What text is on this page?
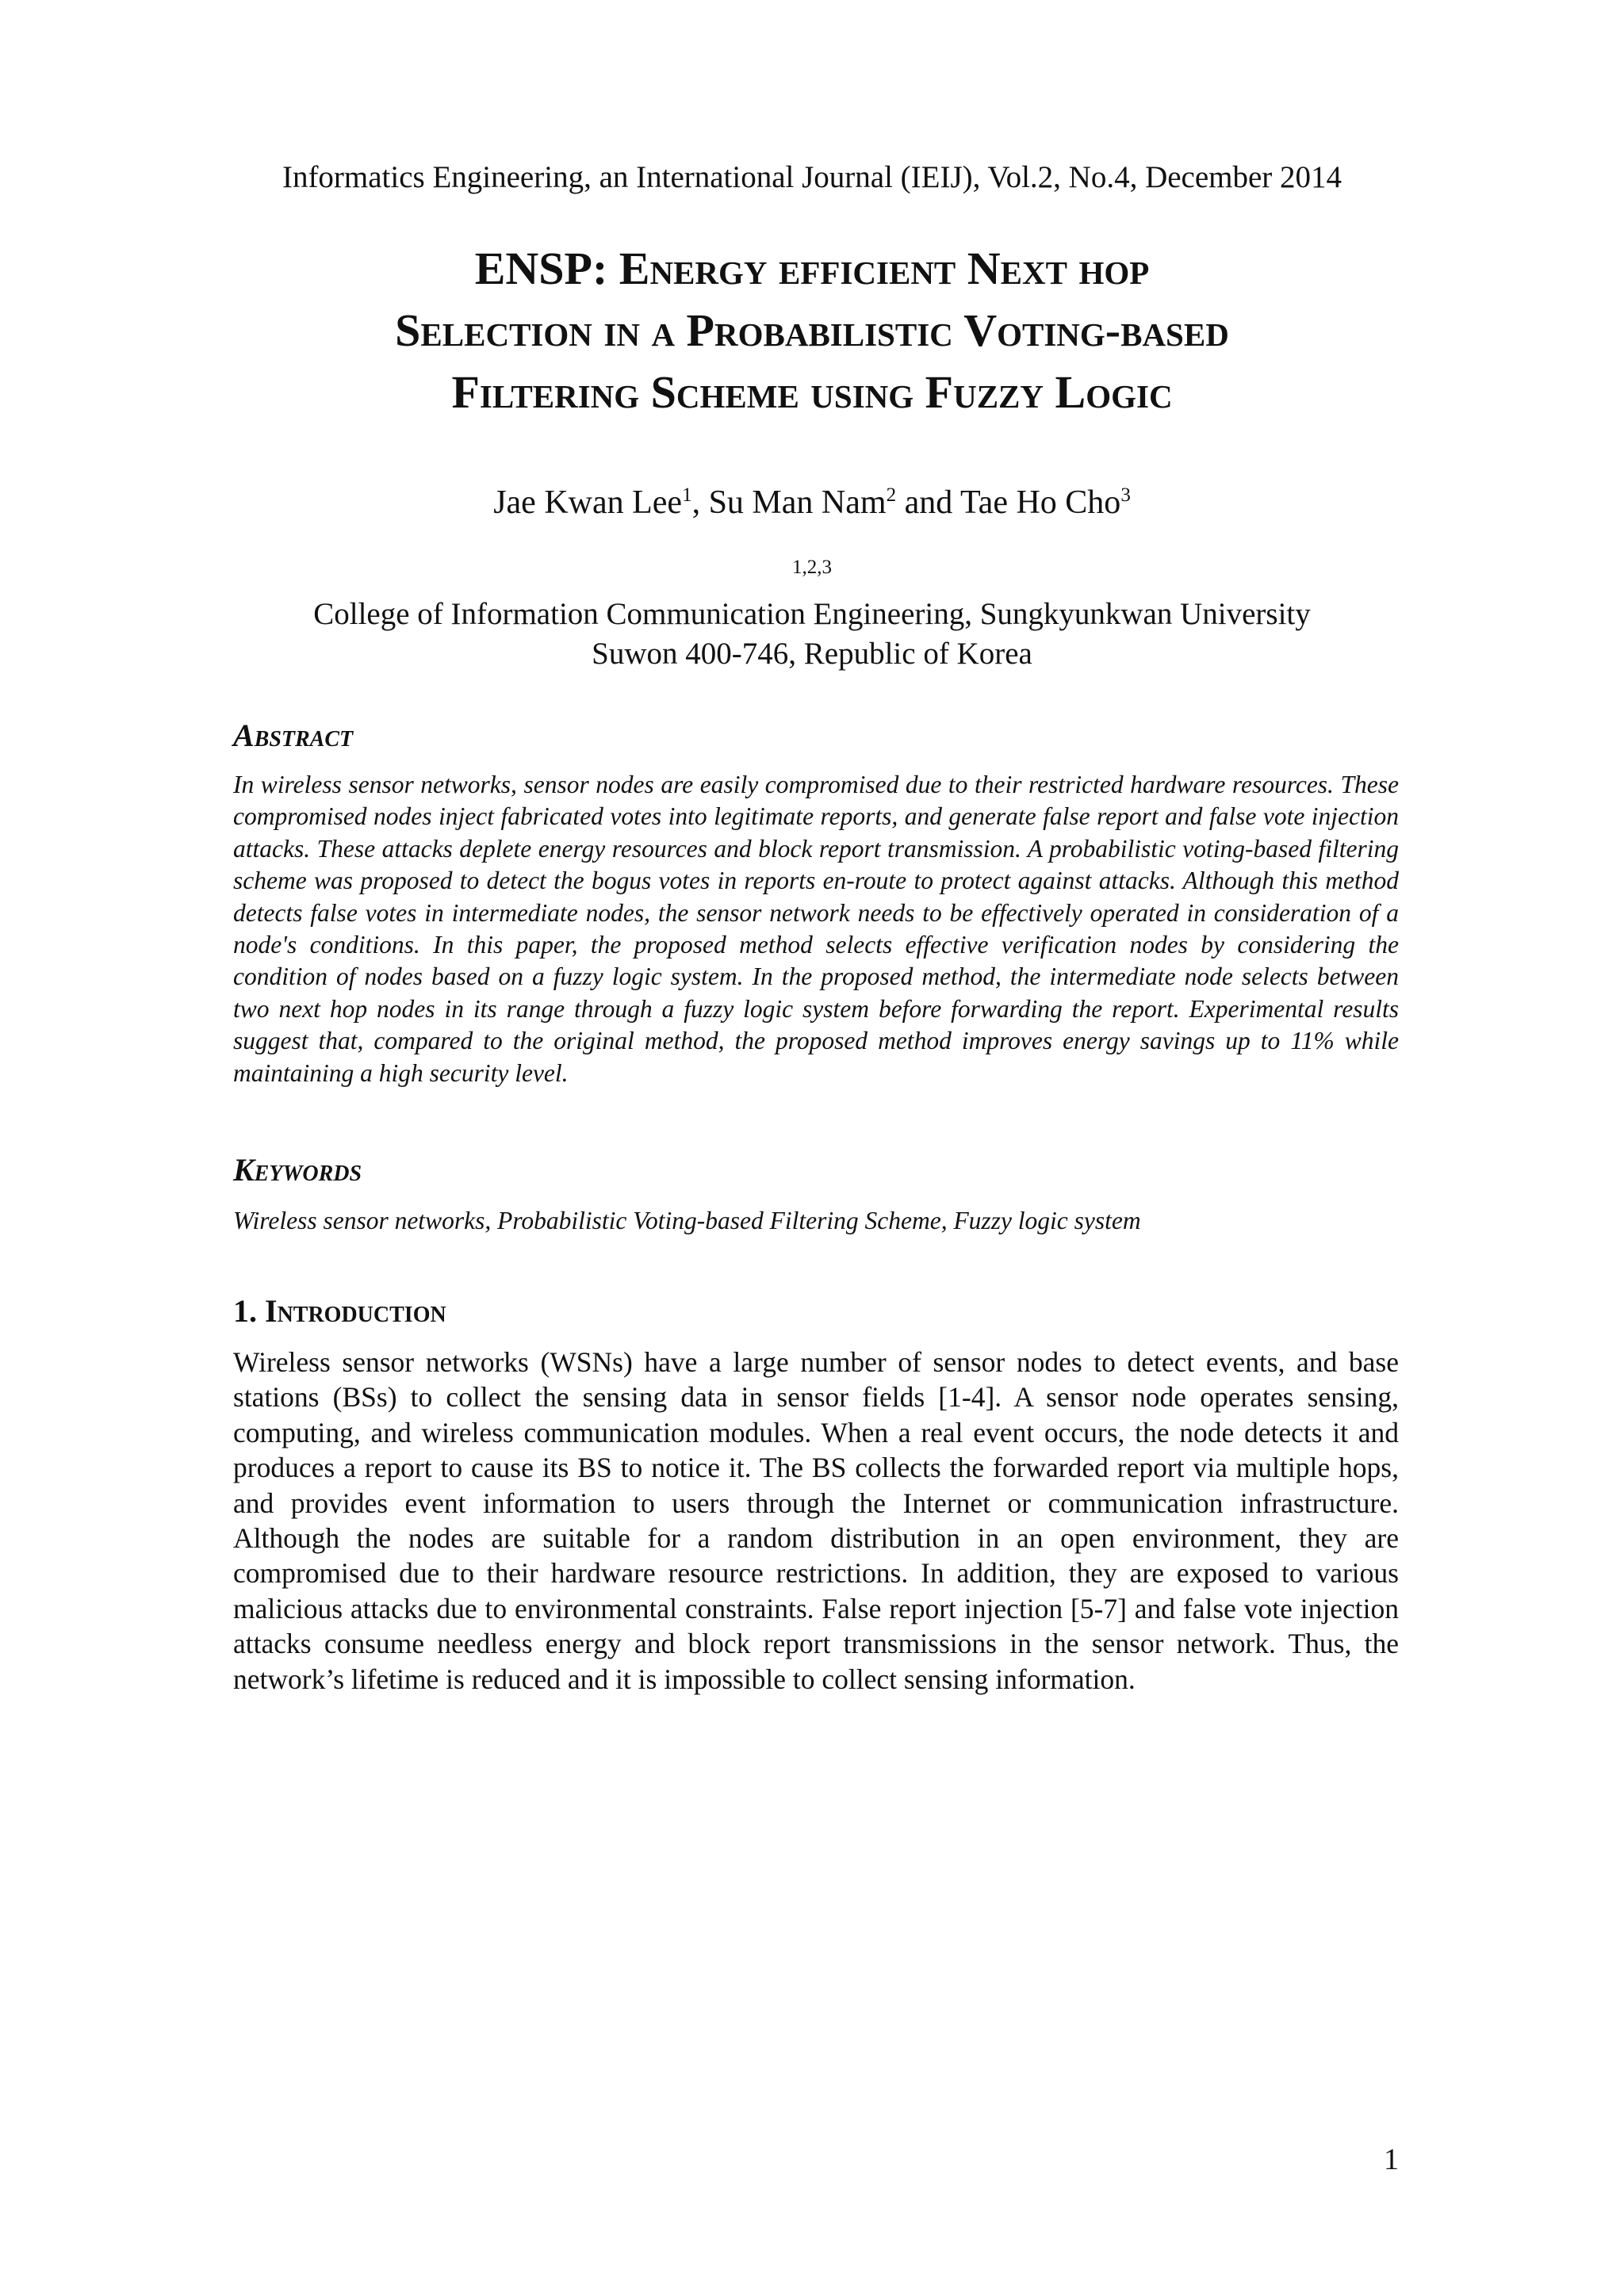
Informatics Engineering, an International Journal (IEIJ), Vol.2, No.4, December 2014
ENSP: Energy efficient Next hop
Selection in a Probabilistic Voting-based
Filtering Scheme using Fuzzy Logic
Jae Kwan Lee$^1$, Su Man Nam$^2$ and Tae Ho Cho$^3$
$^{1,2,3}$
College of Information Communication Engineering, Sungkyunkwan University
Suwon 400-746, Republic of Korea
Abstract

In wireless sensor networks, sensor nodes are easily compromised due to their restricted hardware resources. These compromised nodes inject fabricated votes into legitimate reports, and generate false report and false vote injection attacks. These attacks deplete energy resources and block report transmission. A probabilistic voting-based filtering scheme was proposed to detect the bogus votes in reports en-route to protect against attacks. Although this method detects false votes in intermediate nodes, the sensor network needs to be effectively operated in consideration of a node's conditions. In this paper, the proposed method selects effective verification nodes by considering the condition of nodes based on a fuzzy logic system. In the proposed method, the intermediate node selects between two next hop nodes in its range through a fuzzy logic system before forwarding the report. Experimental results suggest that, compared to the original method, the proposed method improves energy savings up to 11% while maintaining a high security level.

Keywords

Wireless sensor networks, Probabilistic Voting-based Filtering Scheme, Fuzzy logic system

1. Introduction

Wireless sensor networks (WSNs) have a large number of sensor nodes to detect events, and base stations (BSs) to collect the sensing data in sensor fields [1-4]. A sensor node operates sensing, computing, and wireless communication modules. When a real event occurs, the node detects it and produces a report to cause its BS to notice it. The BS collects the forwarded report via multiple hops, and provides event information to users through the Internet or communication infrastructure. Although the nodes are suitable for a random distribution in an open environment, they are compromised due to their hardware resource restrictions. In addition, they are exposed to various malicious attacks due to environmental constraints. False report injection [5-7] and false vote injection attacks consume needless energy and block report transmissions in the sensor network. Thus, the network’s lifetime is reduced and it is impossible to collect sensing information.

1
